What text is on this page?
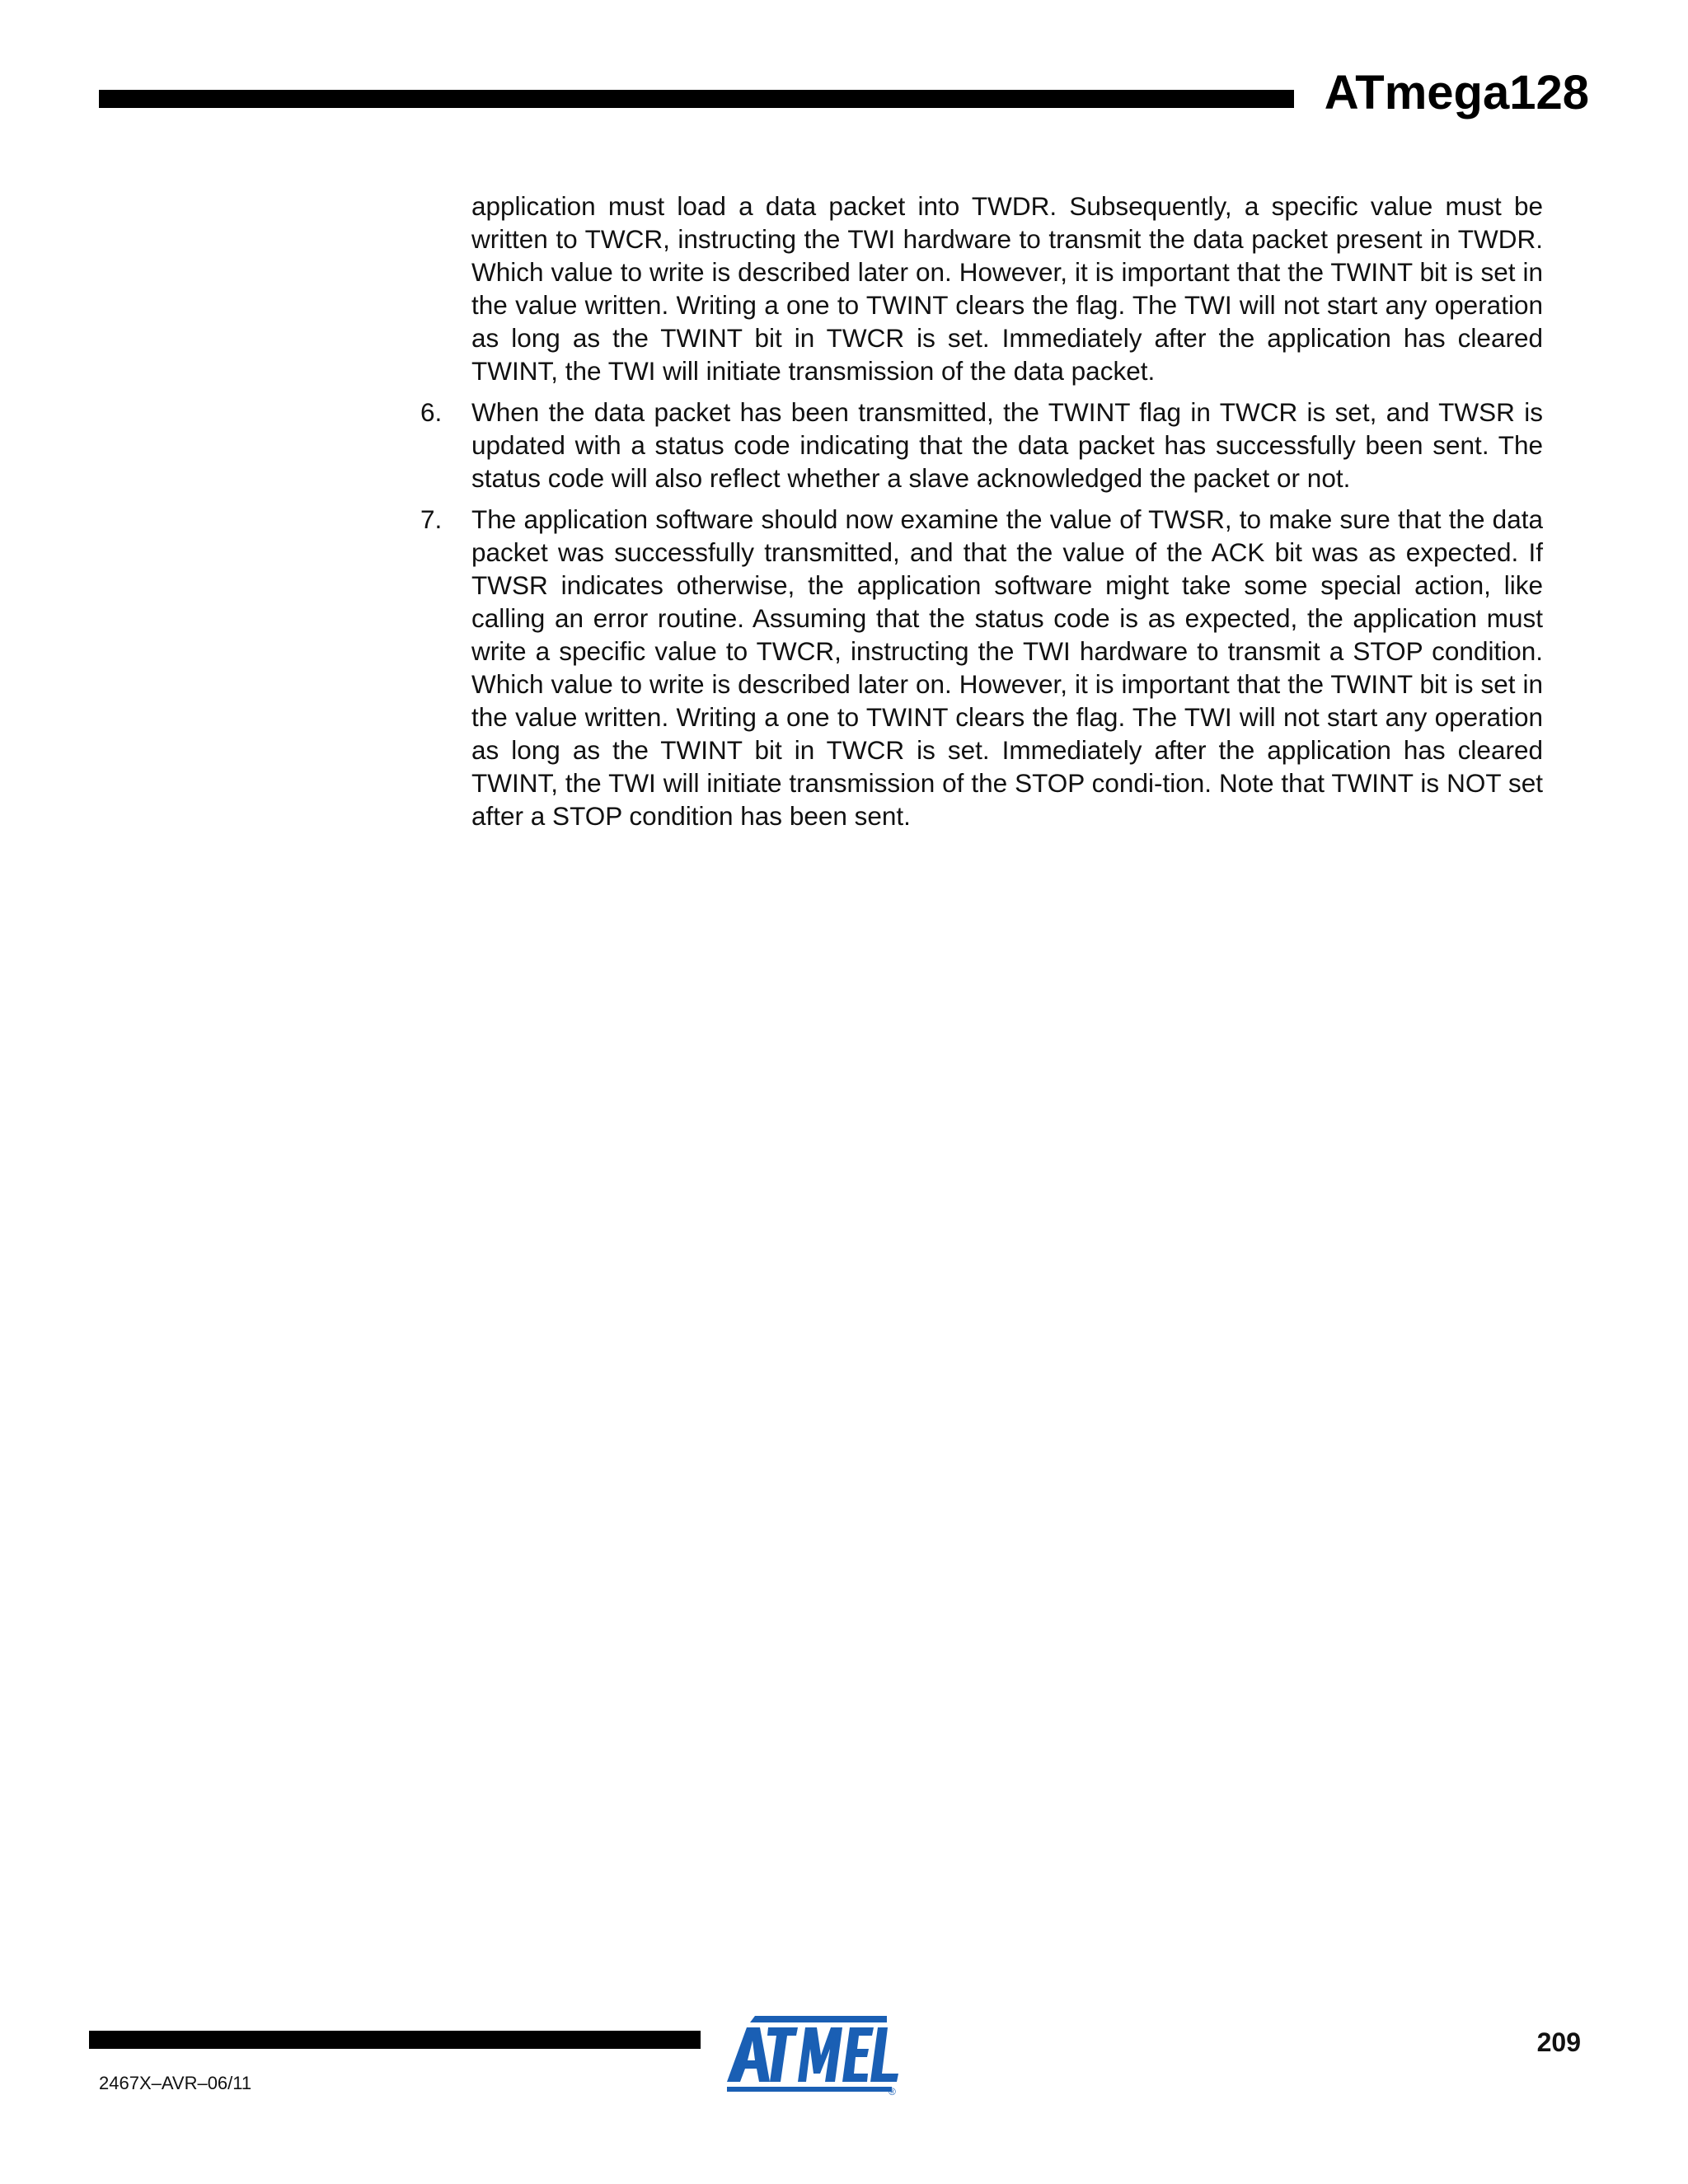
ATmega128

application must load a data packet into TWDR. Subsequently, a specific value must be written to TWCR, instructing the TWI hardware to transmit the data packet present in TWDR. Which value to write is described later on. However, it is important that the TWINT bit is set in the value written. Writing a one to TWINT clears the flag. The TWI will not start any operation as long as the TWINT bit in TWCR is set. Immediately after the application has cleared TWINT, the TWI will initiate transmission of the data packet.

6. When the data packet has been transmitted, the TWINT flag in TWCR is set, and TWSR is updated with a status code indicating that the data packet has successfully been sent. The status code will also reflect whether a slave acknowledged the packet or not.

7. The application software should now examine the value of TWSR, to make sure that the data packet was successfully transmitted, and that the value of the ACK bit was as expected. If TWSR indicates otherwise, the application software might take some special action, like calling an error routine. Assuming that the status code is as expected, the application must write a specific value to TWCR, instructing the TWI hardware to transmit a STOP condition. Which value to write is described later on. However, it is important that the TWINT bit is set in the value written. Writing a one to TWINT clears the flag. The TWI will not start any operation as long as the TWINT bit in TWCR is set. Immediately after the application has cleared TWINT, the TWI will initiate transmission of the STOP condi-tion. Note that TWINT is NOT set after a STOP condition has been sent.

®
209
2467X–AVR–06/11
